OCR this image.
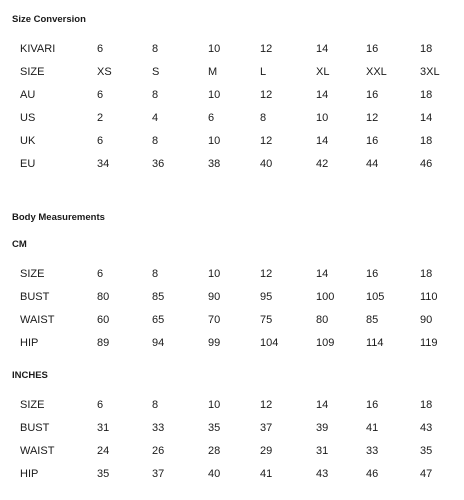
Size Conversion
KIVARI	6	8	10	12	14	16	18
SIZE	XS	S	M	L	XL	XXL	3XL
AU	6	8	10	12	14	16	18
US	2	4	6	8	10	12	14
UK	6	8	10	12	14	16	18
EU	34	36	38	40	42	44	46
Body Measurements
CM
SIZE	6	8	10	12	14	16	18
BUST	80	85	90	95	100	105	110
WAIST	60	65	70	75	80	85	90
HIP	89	94	99	104	109	114	119
INCHES
SIZE	6	8	10	12	14	16	18
BUST	31	33	35	37	39	41	43
WAIST	24	26	28	29	31	33	35
HIP	35	37	40	41	43	46	47
